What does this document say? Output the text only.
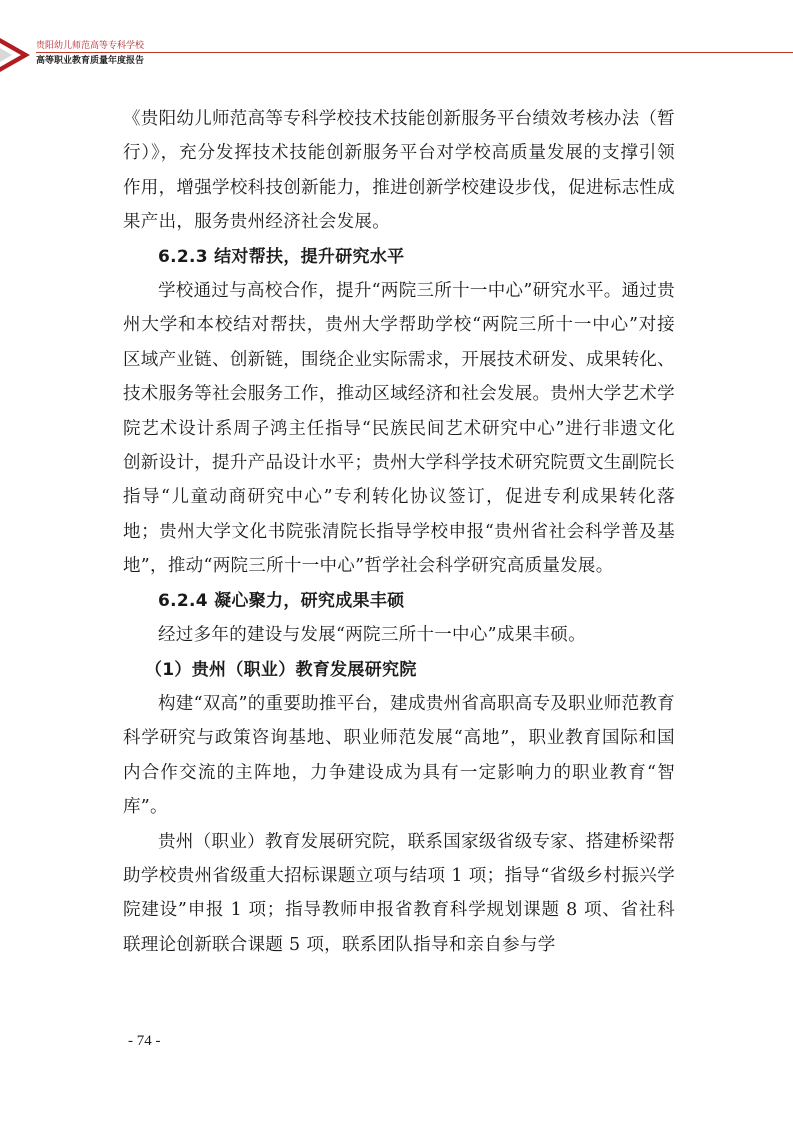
贵阳幼儿师范高等专科学校
高等职业教育质量年度报告

《贵阳幼儿师范高等专科学校技术技能创新服务平台绩效考核办法（暂行）》，充分发挥技术技能创新服务平台对学校高质量发展的支撑引领作用，增强学校科技创新能力，推进创新学校建设步伐，促进标志性成果产出，服务贵州经济社会发展。

6.2.3 结对帮扶，提升研究水平

学校通过与高校合作，提升“两院三所十一中心”研究水平。通过贵州大学和本校结对帮扶，贵州大学帮助学校“两院三所十一中心”对接区域产业链、创新链，围绕企业实际需求，开展技术研发、成果转化、技术服务等社会服务工作，推动区域经济和社会发展。贵州大学艺术学院艺术设计系周子鸿主任指导“民族民间艺术研究中心”进行非遗文化创新设计，提升产品设计水平；贵州大学科学技术研究院贾文生副院长指导“儿童动商研究中心”专利转化协议签订，促进专利成果转化落地；贵州大学文化书院张清院长指导学校申报“贵州省社会科学普及基地”，推动“两院三所十一中心”哲学社会科学研究高质量发展。

6.2.4 凝心聚力，研究成果丰硕

经过多年的建设与发展“两院三所十一中心”成果丰硕。

（1）贵州（职业）教育发展研究院

构建“双高”的重要助推平台，建成贵州省高职高专及职业师范教育科学研究与政策咨询基地、职业师范发展“高地”，职业教育国际和国内合作交流的主阵地，力争建设成为具有一定影响力的职业教育“智库”。

贵州（职业）教育发展研究院，联系国家级省级专家、搭建桥梁帮助学校贵州省级重大招标课题立项与结项 1 项；指导“省级乡村振兴学院建设”申报 1 项；指导教师申报省教育科学规划课题 8 项、省社科联理论创新联合课题 5 项，联系团队指导和亲自参与学

- 74 -
